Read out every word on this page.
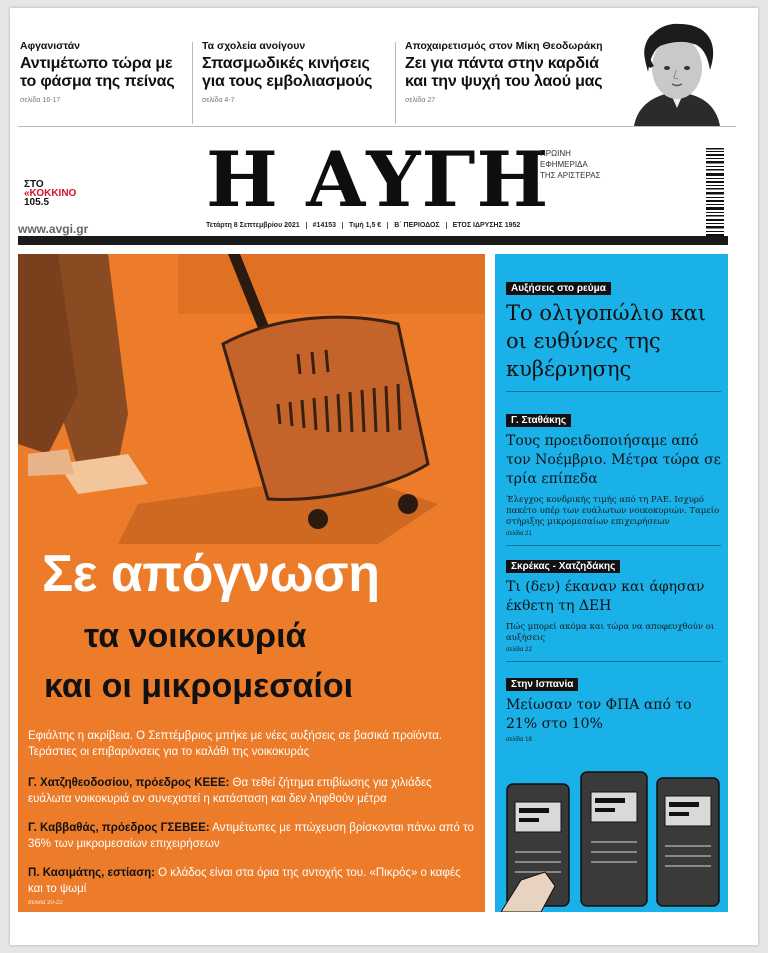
Αφγανιστάν
Αντιμέτωπο τώρα με το φάσμα της πείνας
σελίδα 16-17
Τα σχολεία ανοίγουν
Σπασμωδικές κινήσεις για τους εμβολιασμούς
σελίδα 4-7
Αποχαιρετισμός στον Μίκη Θεοδωράκη
Ζει για πάντα στην καρδιά και την ψυχή του λαού μας
σελίδα 27
ΣΤΟ
«ΚΟΚΚΙΝΟ
105.5
www.avgi.gr
Η ΑΥΓΗ
ΠΡΩΙΝΗ
ΕΦΗΜΕΡΙΔΑ
ΤΗΣ ΑΡΙΣΤΕΡΑΣ
Τετάρτη 8 Σεπτεμβρίου 2021	#14153	Τιμή 1,5 €	Β΄ ΠΕΡΙΟΔΟΣ	ΕΤΟΣ ΙΔΡΥΣΗΣ 1952
Σε απόγνωση
τα νοικοκυριά
και οι μικρομεσαίοι
Εφιάλτης η ακρίβεια. Ο Σεπτέμβριος μπήκε με νέες αυξήσεις σε βασικά προϊόντα. Τεράστιες οι επιβαρύνσεις για το καλάθι της νοικοκυράς
Γ. Χατζηθεοδοσίου, πρόεδρος ΚΕΕΕ: Θα τεθεί ζήτημα επιβίωσης για χιλιάδες ευάλωτα νοικοκυριά αν συνεχιστεί η κατάσταση και δεν ληφθούν μέτρα
Γ. Καββαθάς, πρόεδρος ΓΣΕΒΕΕ: Αντιμέτωπες με πτώχευση βρίσκονται πάνω από το 36% των μικρομεσαίων επιχειρήσεων
Π. Κασιμάτης, εστίαση: Ο κλάδος είναι στα όρια της αντοχής του. «Πικρός» ο καφές και το ψωμί
σελίδα 20-22
Αυξήσεις στο ρεύμα
Το ολιγοπώλιο και οι ευθύνες της κυβέρνησης
Γ. Σταθάκης
Τους προειδοποιήσαμε από τον Νοέμβριο. Μέτρα τώρα σε τρία επίπεδα
Έλεγχος κονδρικής τιμής από τη ΡΑΕ. Ισχυρό πακέτο υπέρ των ευάλωτων νοικοκυριών. Ταμείο στήριξης μικρομεσαίων επιχειρήσεων
σελίδα 21
Σκρέκας - Χατζηδάκης
Τι (δεν) έκαναν και άφησαν έκθετη τη ΔΕΗ
Πώς μπορεί ακόμα και τώρα να αποφευχθούν οι αυξήσεις
σελίδα 22
Στην Ισπανία
Μείωσαν τον ΦΠΑ από το 21% στο 10%
σελίδα 18
